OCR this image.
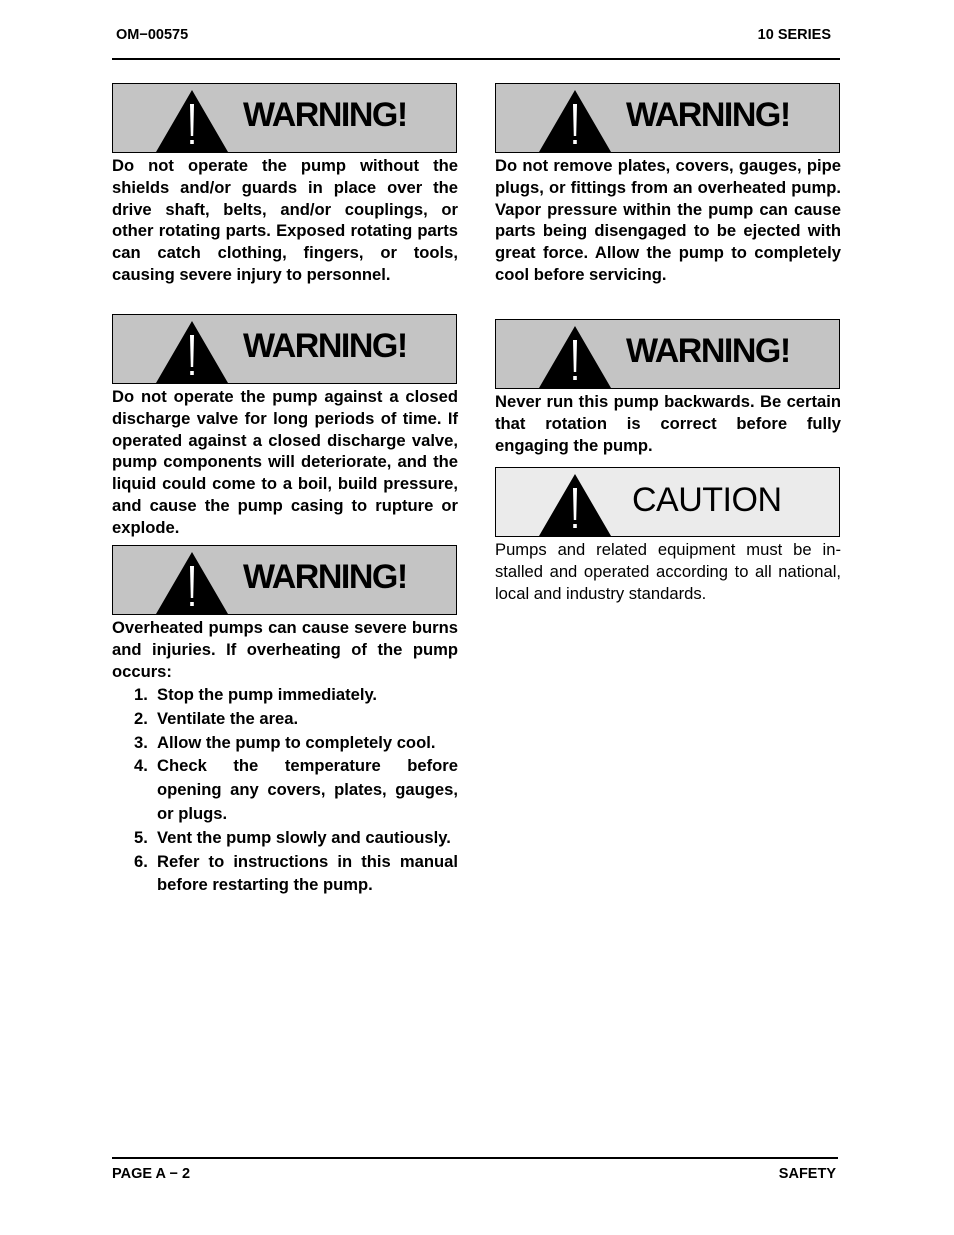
OM−00575	10 SERIES
WARNING!
Do not operate the pump without the shields and/or guards in place over the drive shaft, belts, and/or couplings, or other rotating parts. Exposed rotating parts can catch clothing, fingers, or tools, causing severe injury to personnel.
WARNING!
Do not operate the pump against a closed discharge valve for long periods of time. If operated against a closed discharge valve, pump components will deteriorate, and the liquid could come to a boil, build pressure, and cause the pump casing to rupture or explode.
WARNING!
Overheated pumps can cause severe burns and injuries. If overheating of the pump occurs:
1. Stop the pump immediately.
2. Ventilate the area.
3. Allow the pump to completely cool.
4. Check the temperature before opening any covers, plates, gauges, or plugs.
5. Vent the pump slowly and cautiously.
6. Refer to instructions in this manual before restarting the pump.
WARNING!
Do not remove plates, covers, gauges, pipe plugs, or fittings from an overheated pump. Vapor pressure within the pump can cause parts being disengaged to be ejected with great force. Allow the pump to completely cool before servicing.
WARNING!
Never run this pump backwards. Be certain that rotation is correct before fully engaging the pump.
CAUTION
Pumps and related equipment must be installed and operated according to all national, local and industry standards.
PAGE A − 2	SAFETY
